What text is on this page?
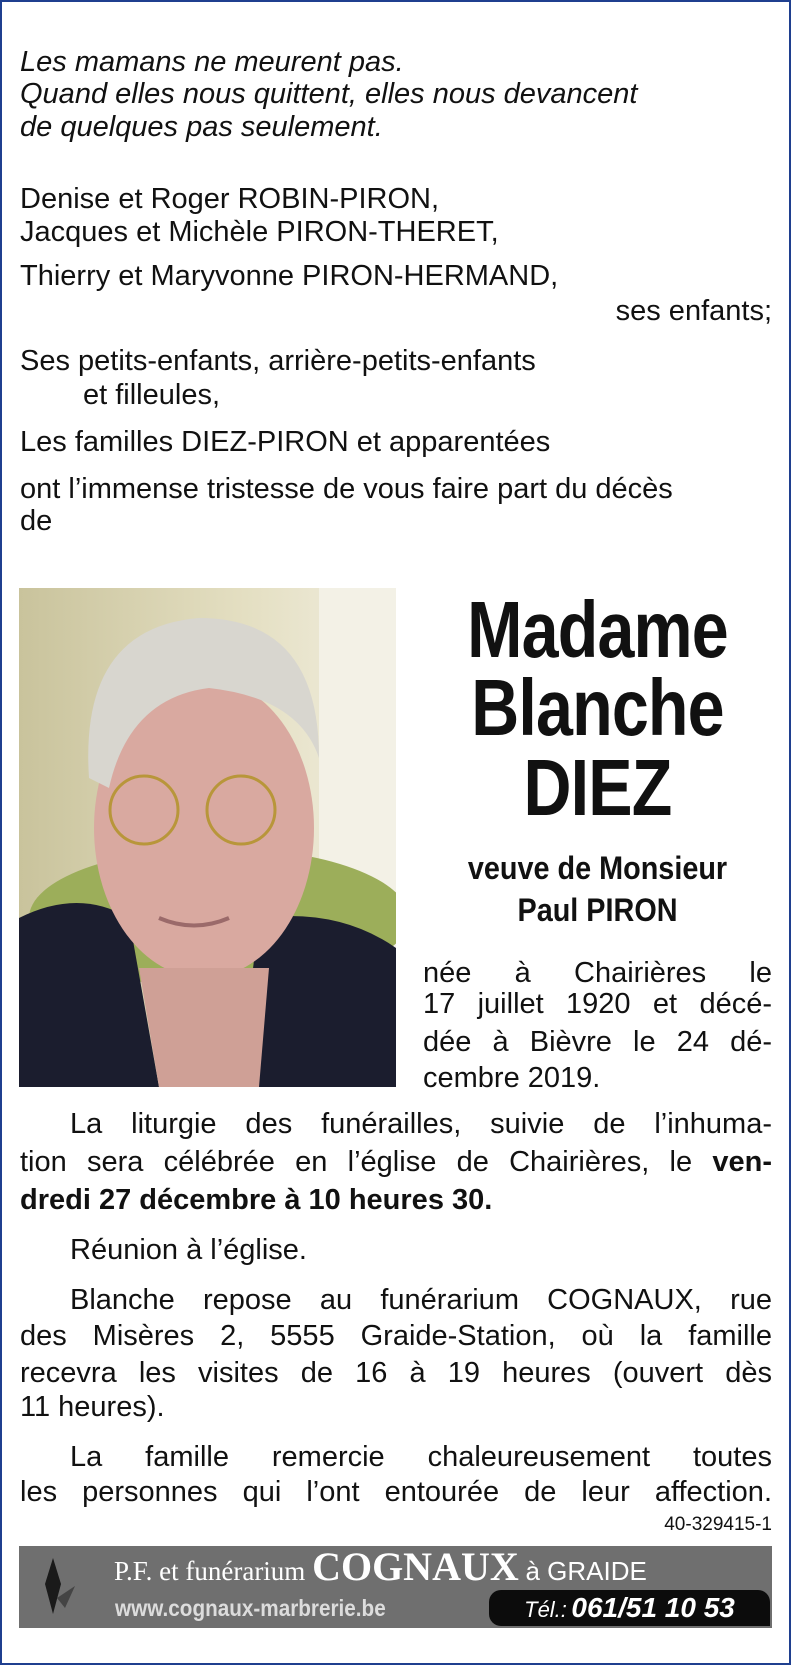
Les mamans ne meurent pas.
Quand elles nous quittent, elles nous devancent
de quelques pas seulement.
Denise et Roger ROBIN-PIRON,
Jacques et Michèle PIRON-THERET,
Thierry et Maryvonne PIRON-HERMAND,
ses enfants;
Ses petits-enfants, arrière-petits-enfants
et filleules,
Les familles DIEZ-PIRON et apparentées
ont l’immense tristesse de vous faire part du décès
de
Madame
Blanche
DIEZ
veuve de Monsieur
Paul PIRON
née à Chairières le
17 juillet 1920 et décé-
dée à Bièvre le 24 dé-
cembre 2019.
La liturgie des funérailles, suivie de l’inhuma-
tion sera célébrée en l’église de Chairières, le ven-
dredi 27 décembre à 10 heures 30.
Réunion à l’église.
Blanche repose au funérarium COGNAUX, rue
des Misères 2, 5555 Graide-Station, où la famille
recevra les visites de 16 à 19 heures (ouvert dès
11 heures).
La famille remercie chaleureusement toutes
les personnes qui l’ont entourée de leur affection.
40-329415-1
P.F. et funérarium COGNAUX à GRAIDE
www.cognaux-marbrerie.be	Tél.: 061/51 10 53
